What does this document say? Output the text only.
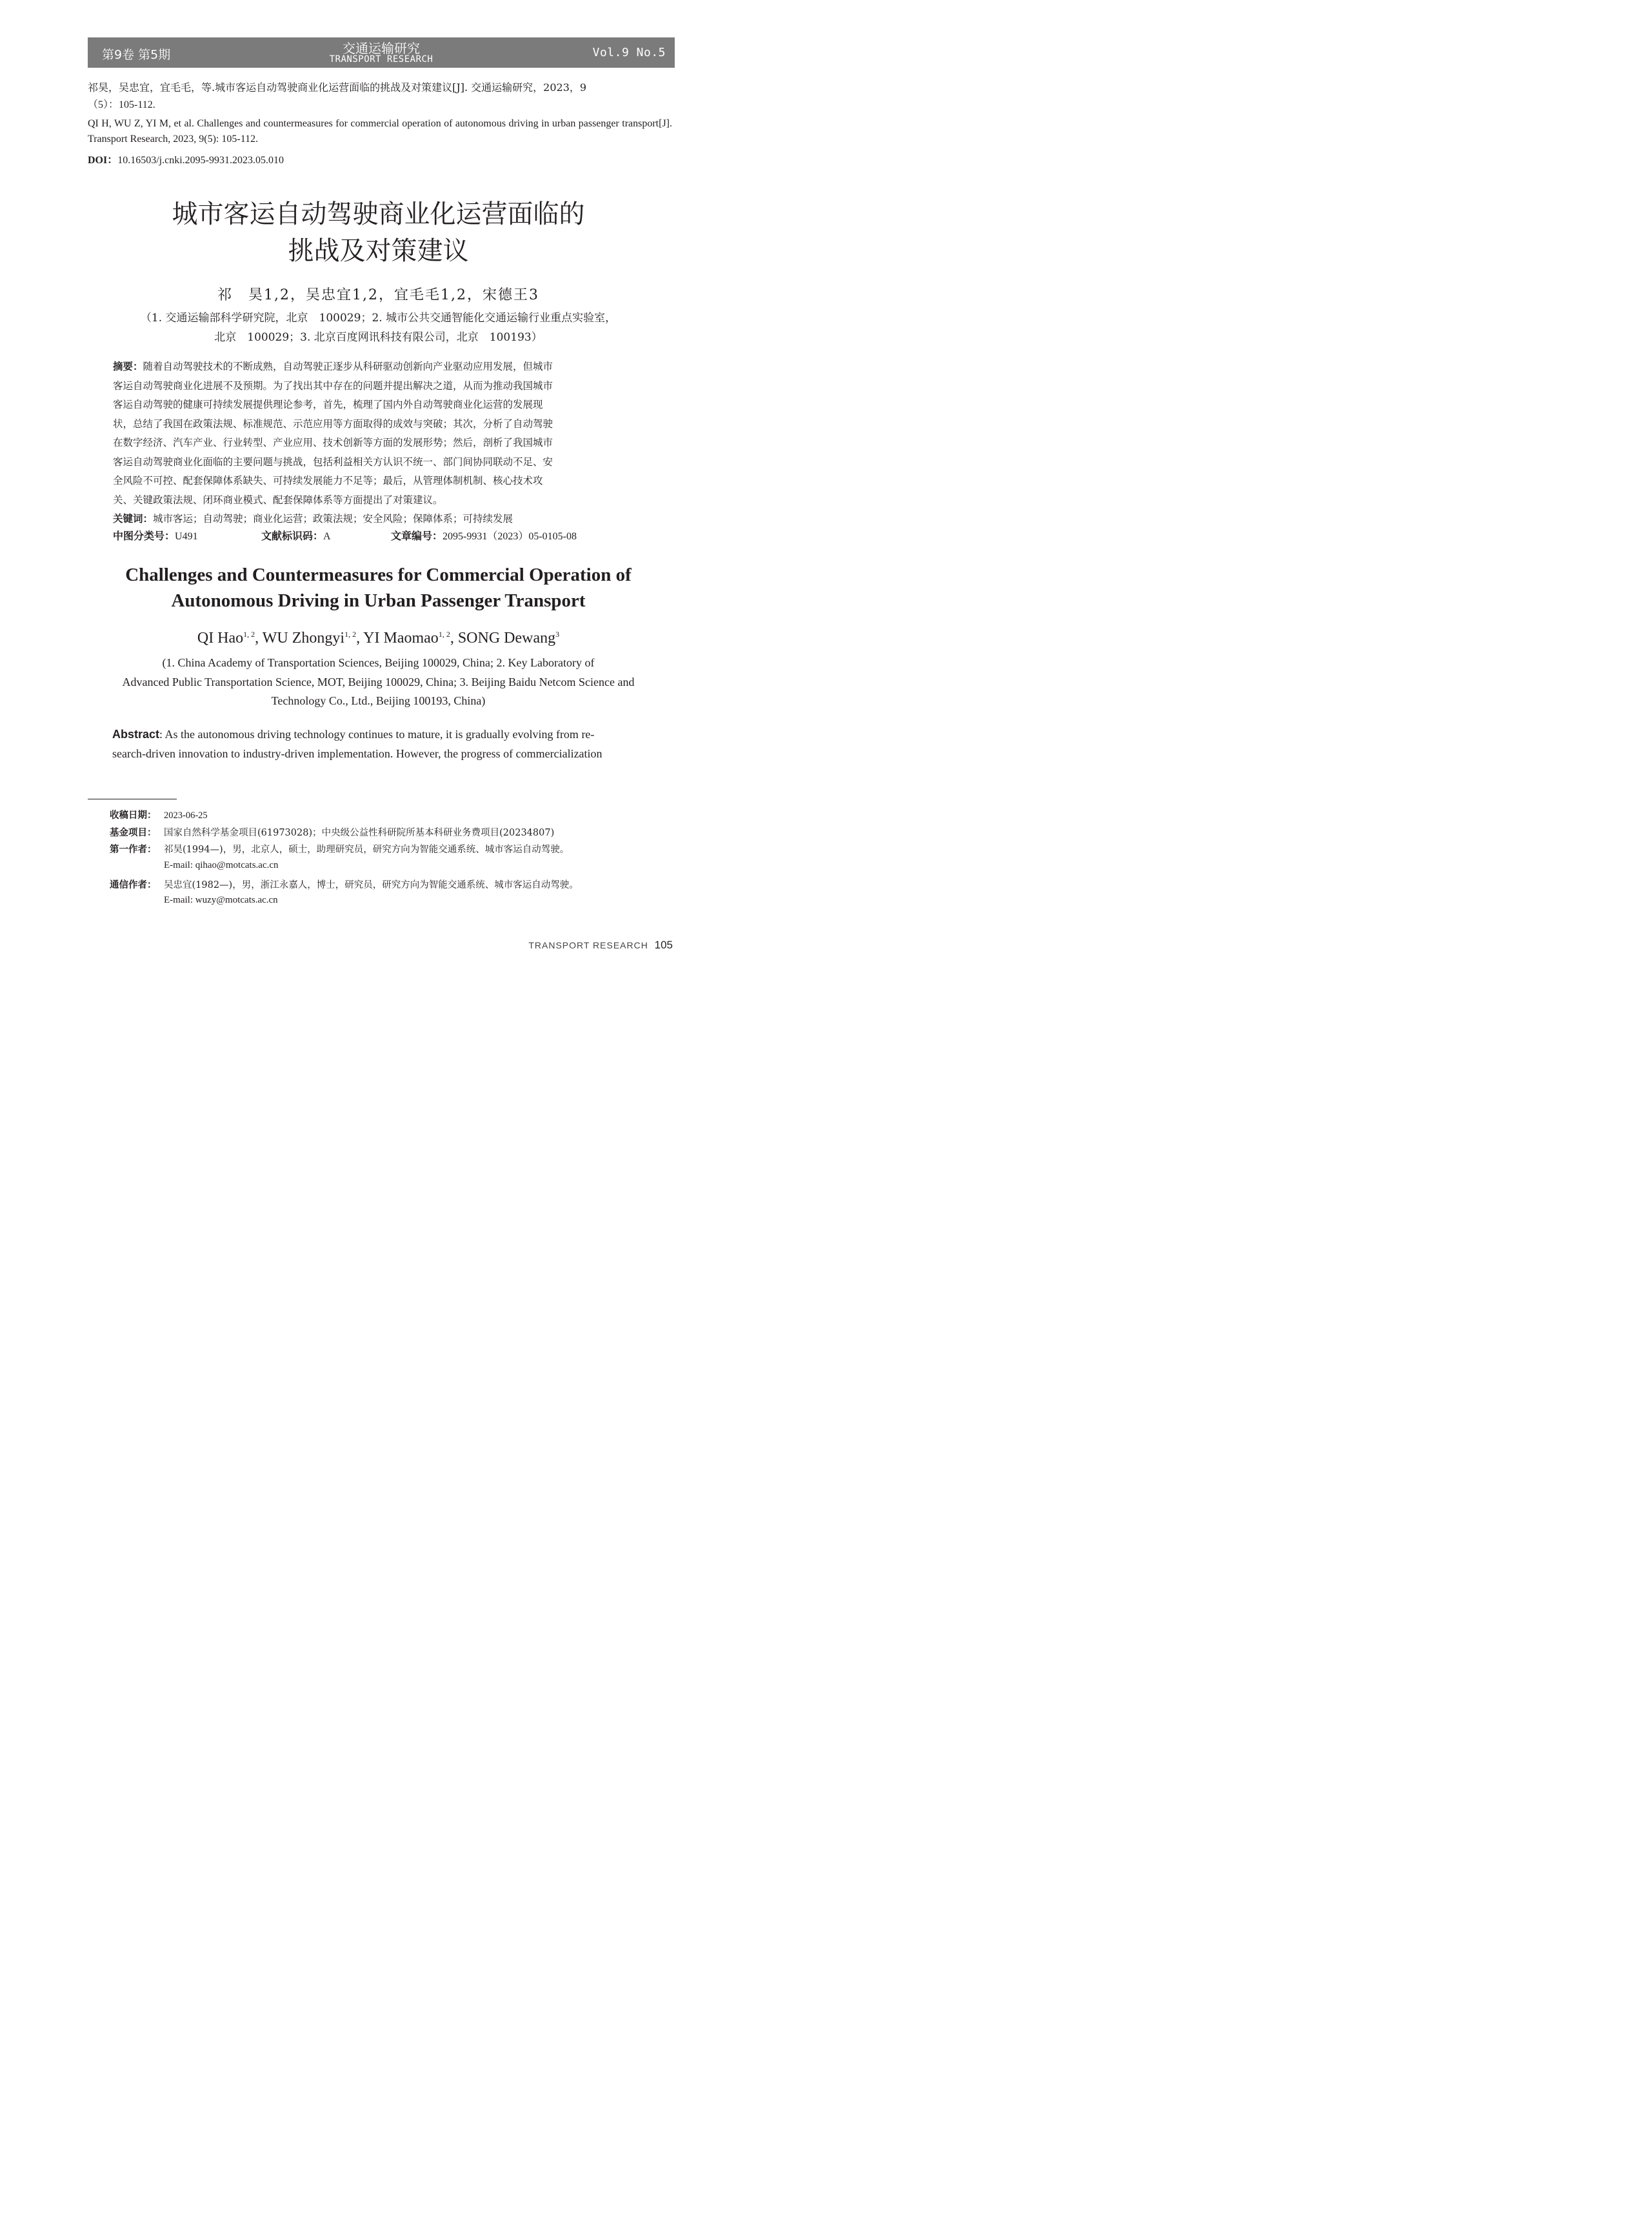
第9卷 第5期	交通运输研究
TRANSPORT RESEARCH	Vol.9 No.5
祁昊，吴忠宜，宜毛毛，等.城市客运自动驾驶商业化运营面临的挑战及对策建议[J]. 交通运输研究，2023，9
（5）：105-112.
QI H, WU Z, YI M, et al. Challenges and countermeasures for commercial operation of autonomous driving in urban passenger transport[J]. Transport Research, 2023, 9(5): 105-112.
DOI：10.16503/j.cnki.2095-9931.2023.05.010
城市客运自动驾驶商业化运营面临的
挑战及对策建议
祁　昊1,2，吴忠宜1,2，宜毛毛1,2，宋德王3
（1. 交通运输部科学研究院，北京　100029；2. 城市公共交通智能化交通运输行业重点实验室，
北京　100029；3. 北京百度网讯科技有限公司，北京　100193）
摘要：随着自动驾驶技术的不断成熟，自动驾驶正逐步从科研驱动创新向产业驱动应用发展，但城市
客运自动驾驶商业化进展不及预期。为了找出其中存在的问题并提出解决之道，从而为推动我国城市
客运自动驾驶的健康可持续发展提供理论参考，首先，梳理了国内外自动驾驶商业化运营的发展现
状，总结了我国在政策法规、标准规范、示范应用等方面取得的成效与突破；其次，分析了自动驾驶
在数字经济、汽车产业、行业转型、产业应用、技术创新等方面的发展形势；然后，剖析了我国城市
客运自动驾驶商业化面临的主要问题与挑战，包括利益相关方认识不统一、部门间协同联动不足、安
全风险不可控、配套保障体系缺失、可持续发展能力不足等；最后，从管理体制机制、核心技术攻
关、关键政策法规、闭环商业模式、配套保障体系等方面提出了对策建议。
关键词：城市客运；自动驾驶；商业化运营；政策法规；安全风险；保障体系；可持续发展
中图分类号：U491	文献标识码：A	文章编号：2095-9931（2023）05-0105-08
Challenges and Countermeasures for Commercial Operation of
Autonomous Driving in Urban Passenger Transport
QI Hao$^{1, 2}$, WU Zhongyi$^{1, 2}$, YI Maomao$^{1, 2}$, SONG Dewang$^3$
(1. China Academy of Transportation Sciences, Beijing 100029, China; 2. Key Laboratory of
Advanced Public Transportation Science, MOT, Beijing 100029, China; 3. Beijing Baidu Netcom Science and
Technology Co., Ltd., Beijing 100193, China)
Abstract: As the autonomous driving technology continues to mature, it is gradually evolving from re-
search-driven innovation to industry-driven implementation. However, the progress of commercialization
收稿日期： 2023-06-25
基金项目： 国家自然科学基金项目(61973028)；中央级公益性科研院所基本科研业务费项目(20234807)
第一作者： 祁昊(1994—)，男，北京人，硕士，助理研究员，研究方向为智能交通系统、城市客运自动驾驶。
E-mail: qihao@motcats.ac.cn
通信作者： 吴忠宜(1982—)，男，浙江永嘉人，博士，研究员，研究方向为智能交通系统、城市客运自动驾驶。
E-mail: wuzy@motcats.ac.cn
TRANSPORT RESEARCH 105
